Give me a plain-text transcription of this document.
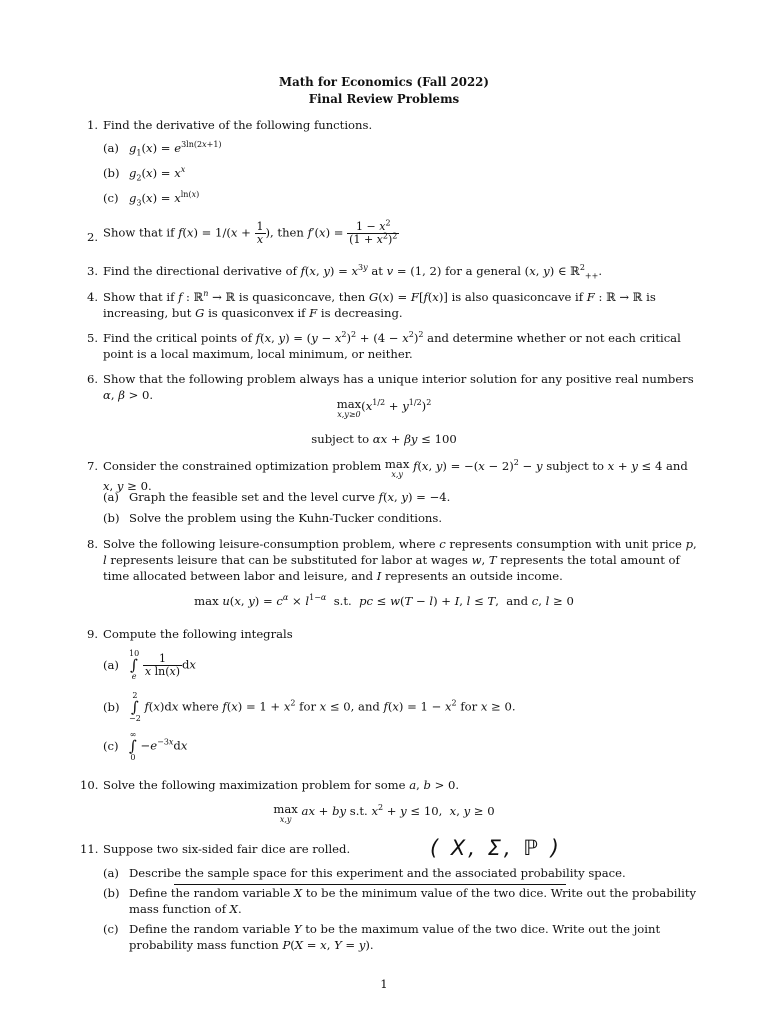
Math for Economics (Fall 2022)
Final Review Problems
1. Find the derivative of the following functions.
(a) $g_1(x) = e^{3ln(2x+1)}$
(b) $g_2(x) = x^x$
(c) $g_3(x) = x^{ln(x)}$
2. Show that if $f(x) = 1/(x + \frac{1}{x}$ ), then $f'(x) = \frac{1 - x^2}{(1 + x^2)^2}$
3. Find the directional derivative of f(x, $y) = x^{3y}$ at v = (1, 2) for a general (x, y) ∈ ℝ$^2_{++}$.
4. Show that if f : ℝ$^n$ → ℝ is quasiconcave, then G(x) = F[f(x)] is also quasiconcave if F : ℝ → ℝ is increasing, but G is quasiconvex if F is decreasing.
5. Find the critical points of f(x, $y) = (y - x^2)^2 + (4 - x^2)^2$ and determine whether or not each critical point is a local maximum, local minimum, or neither.
6. Show that the following problem always has a unique interior solution for any positive real numbers α, β > 0.
max
x,y≥0
$(x^{1/2} + y^{1/2})^2$
subject to αx + βy ≤ 100
7. Consider the constrained optimization problem max
x,y
f(x, $y) = -(x - 2)^2 - y$ subject to x + y ≤ 4 and x, y ≥ 0.
(a) Graph the feasible set and the level curve f(x, y) = −4.
(b) Solve the problem using the Kuhn-Tucker conditions.
8. Solve the following leisure-consumption problem, where c represents consumption with unit price p, l represents leisure that can be substituted for labor at wages w, T represents the total amount of time allocated between labor and leisure, and I represents an outside income.
max u(x, $y) = c^\alpha \times l^{1-\alpha}$  s.t.  pc ≤ w(T − l) + I, l ≤ T,  and c, l ≥ 0
9. Compute the following integrals
(a)
10
∫
e
$\frac{1}{\text{x ln(x)}}$ dx
(b)
2
∫
−2
f(x)dx where $f(x) = 1 + x^2$ for x ≤ 0, and $f(x) = 1 - x^2$ for x ≥ 0.
(c)
∞
∫
0
$-e^{-3x}dx$
10. Solve the following maximization problem for some a, b > 0.
max
x,y
ax + by s.t. $x^2 + y \le 10$,  x, y ≥ 0
11. Suppose two six-sided fair dice are rolled.	( X, Σ, ℙ )
(a) Describe the sample space for this experiment and the associated probability space.
(b) Define the random variable X to be the minimum value of the two dice. Write out the probability mass function of X.
(c) Define the random variable Y to be the maximum value of the two dice. Write out the joint probability mass function P(X = x, Y = y).
1
